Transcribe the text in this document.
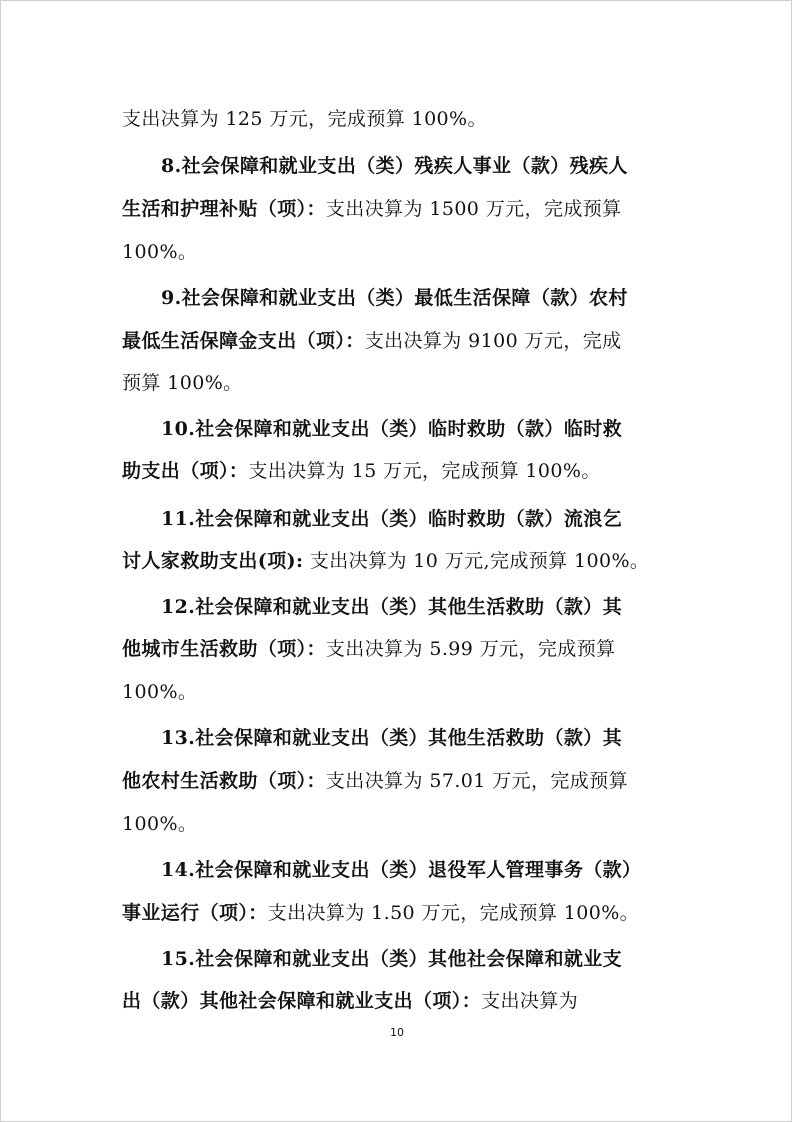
支出决算为 125 万元，完成预算 100%。
8.社会保障和就业支出（类）残疾人事业（款）残疾人
生活和护理补贴（项）：支出决算为 1500 万元，完成预算
100%。
9.社会保障和就业支出（类）最低生活保障（款）农村
最低生活保障金支出（项）：支出决算为 9100 万元，完成
预算 100%。
10.社会保障和就业支出（类）临时救助（款）临时救
助支出（项）：支出决算为 15 万元，完成预算 100%。
11.社会保障和就业支出（类）临时救助（款）流浪乞
讨人家救助支出(项): 支出决算为 10 万元,完成预算 100%。
12.社会保障和就业支出（类）其他生活救助（款）其
他城市生活救助（项）：支出决算为 5.99 万元，完成预算
100%。
13.社会保障和就业支出（类）其他生活救助（款）其
他农村生活救助（项）：支出决算为 57.01 万元，完成预算
100%。
14.社会保障和就业支出（类）退役军人管理事务（款）
事业运行（项）：支出决算为 1.50 万元，完成预算 100%。
15.社会保障和就业支出（类）其他社会保障和就业支
出（款）其他社会保障和就业支出（项）：支出决算为
10
